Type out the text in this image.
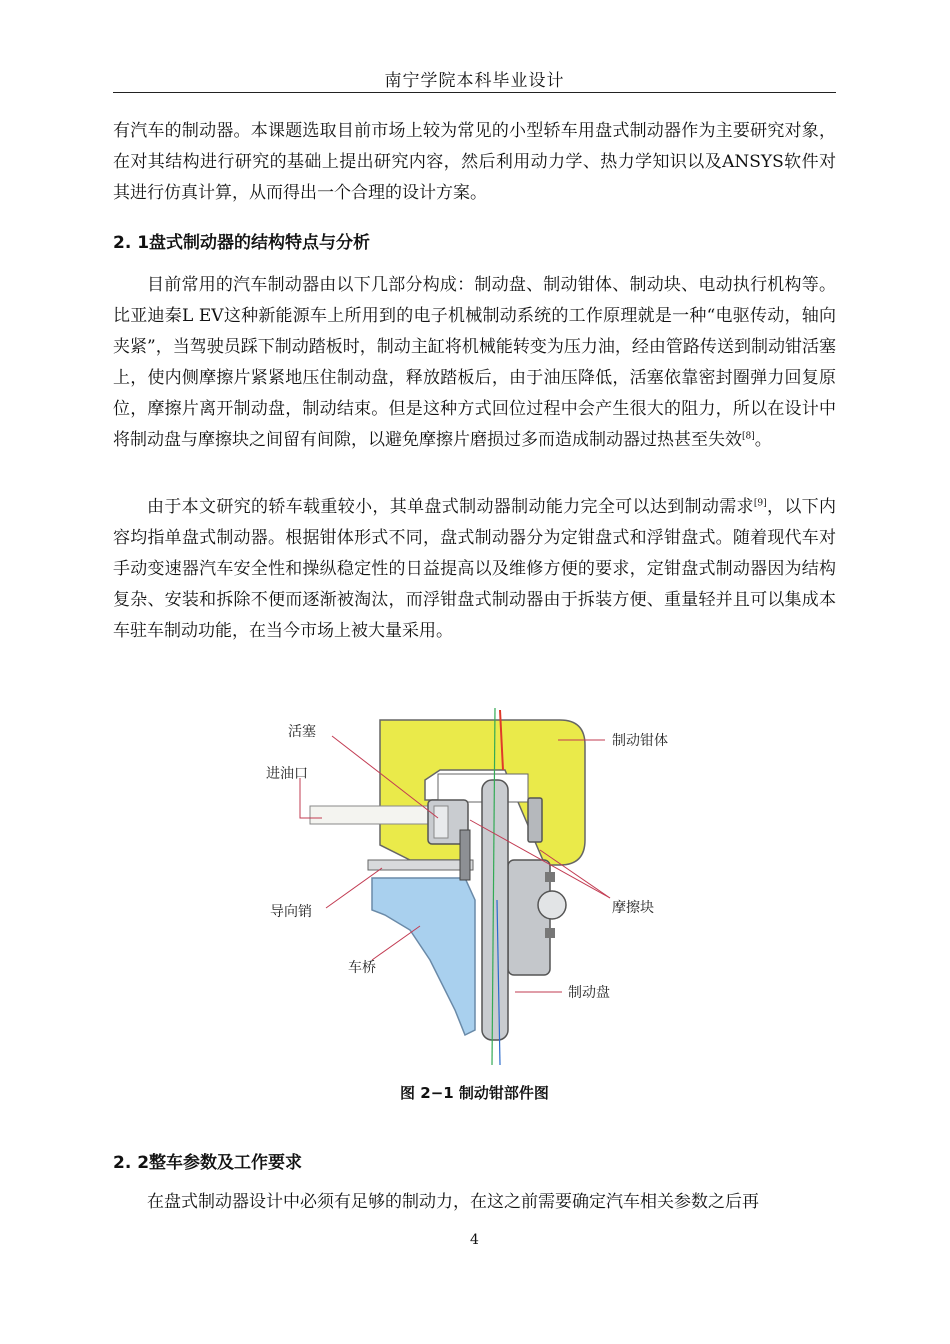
南宁学院本科毕业设计

有汽车的制动器。本课题选取目前市场上较为常见的小型轿车用盘式制动器作为主要研究对象，在对其结构进行研究的基础上提出研究内容，然后利用动力学、热力学知识以及ANSYS软件对其进行仿真计算，从而得出一个合理的设计方案。

2. 1盘式制动器的结构特点与分析

目前常用的汽车制动器由以下几部分构成：制动盘、制动钳体、制动块、电动执行机构等。比亚迪秦L EV这种新能源车上所用到的电子机械制动系统的工作原理就是一种“电驱传动，轴向夹紧”，当驾驶员踩下制动踏板时，制动主缸将机械能转变为压力油，经由管路传送到制动钳活塞上，使内侧摩擦片紧紧地压住制动盘，释放踏板后，由于油压降低，活塞依靠密封圈弹力回复原位，摩擦片离开制动盘，制动结束。但是这种方式回位过程中会产生很大的阻力，所以在设计中将制动盘与摩擦块之间留有间隙，以避免摩擦片磨损过多而造成制动器过热甚至失效[8]。

由于本文研究的轿车载重较小，其单盘式制动器制动能力完全可以达到制动需求[9]，以下内容均指单盘式制动器。根据钳体形式不同，盘式制动器分为定钳盘式和浮钳盘式。随着现代车对手动变速器汽车安全性和操纵稳定性的日益提高以及维修方便的要求，定钳盘式制动器因为结构复杂、安装和拆除不便而逐渐被淘汰，而浮钳盘式制动器由于拆装方便、重量轻并且可以集成本车驻车制动功能，在当今市场上被大量采用。

活塞
进油口
导向销
车桥
制动钳体
摩擦块
制动盘
图 2−1 制动钳部件图

2. 2整车参数及工作要求

在盘式制动器设计中必须有足够的制动力，在这之前需要确定汽车相关参数之后再

4
